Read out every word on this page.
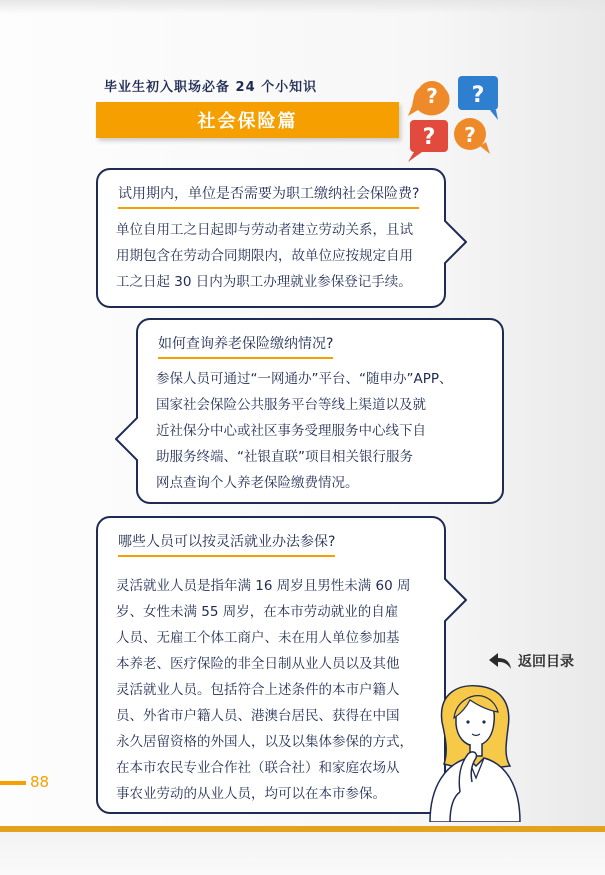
毕业生初入职场必备 24 个小知识
社会保险篇
? ?
? ?
试用期内，单位是否需要为职工缴纳社会保险费?
单位自用工之日起即与劳动者建立劳动关系，且试
用期包含在劳动合同期限内，故单位应按规定自用
工之日起 30 日内为职工办理就业参保登记手续。
如何查询养老保险缴纳情况?
参保人员可通过“一网通办”平台、“随申办”APP、
国家社会保险公共服务平台等线上渠道以及就
近社保分中心或社区事务受理服务中心线下自
助服务终端、“社银直联”项目相关银行服务
网点查询个人养老保险缴费情况。
哪些人员可以按灵活就业办法参保?
灵活就业人员是指年满 16 周岁且男性未满 60 周
岁、女性未满 55 周岁，在本市劳动就业的自雇
人员、无雇工个体工商户、未在用人单位参加基
本养老、医疗保险的非全日制从业人员以及其他
灵活就业人员。包括符合上述条件的本市户籍人
员、外省市户籍人员、港澳台居民、获得在中国
永久居留资格的外国人，以及以集体参保的方式，
在本市农民专业合作社（联合社）和家庭农场从
事农业劳动的从业人员，均可以在本市参保。
返回目录
88
